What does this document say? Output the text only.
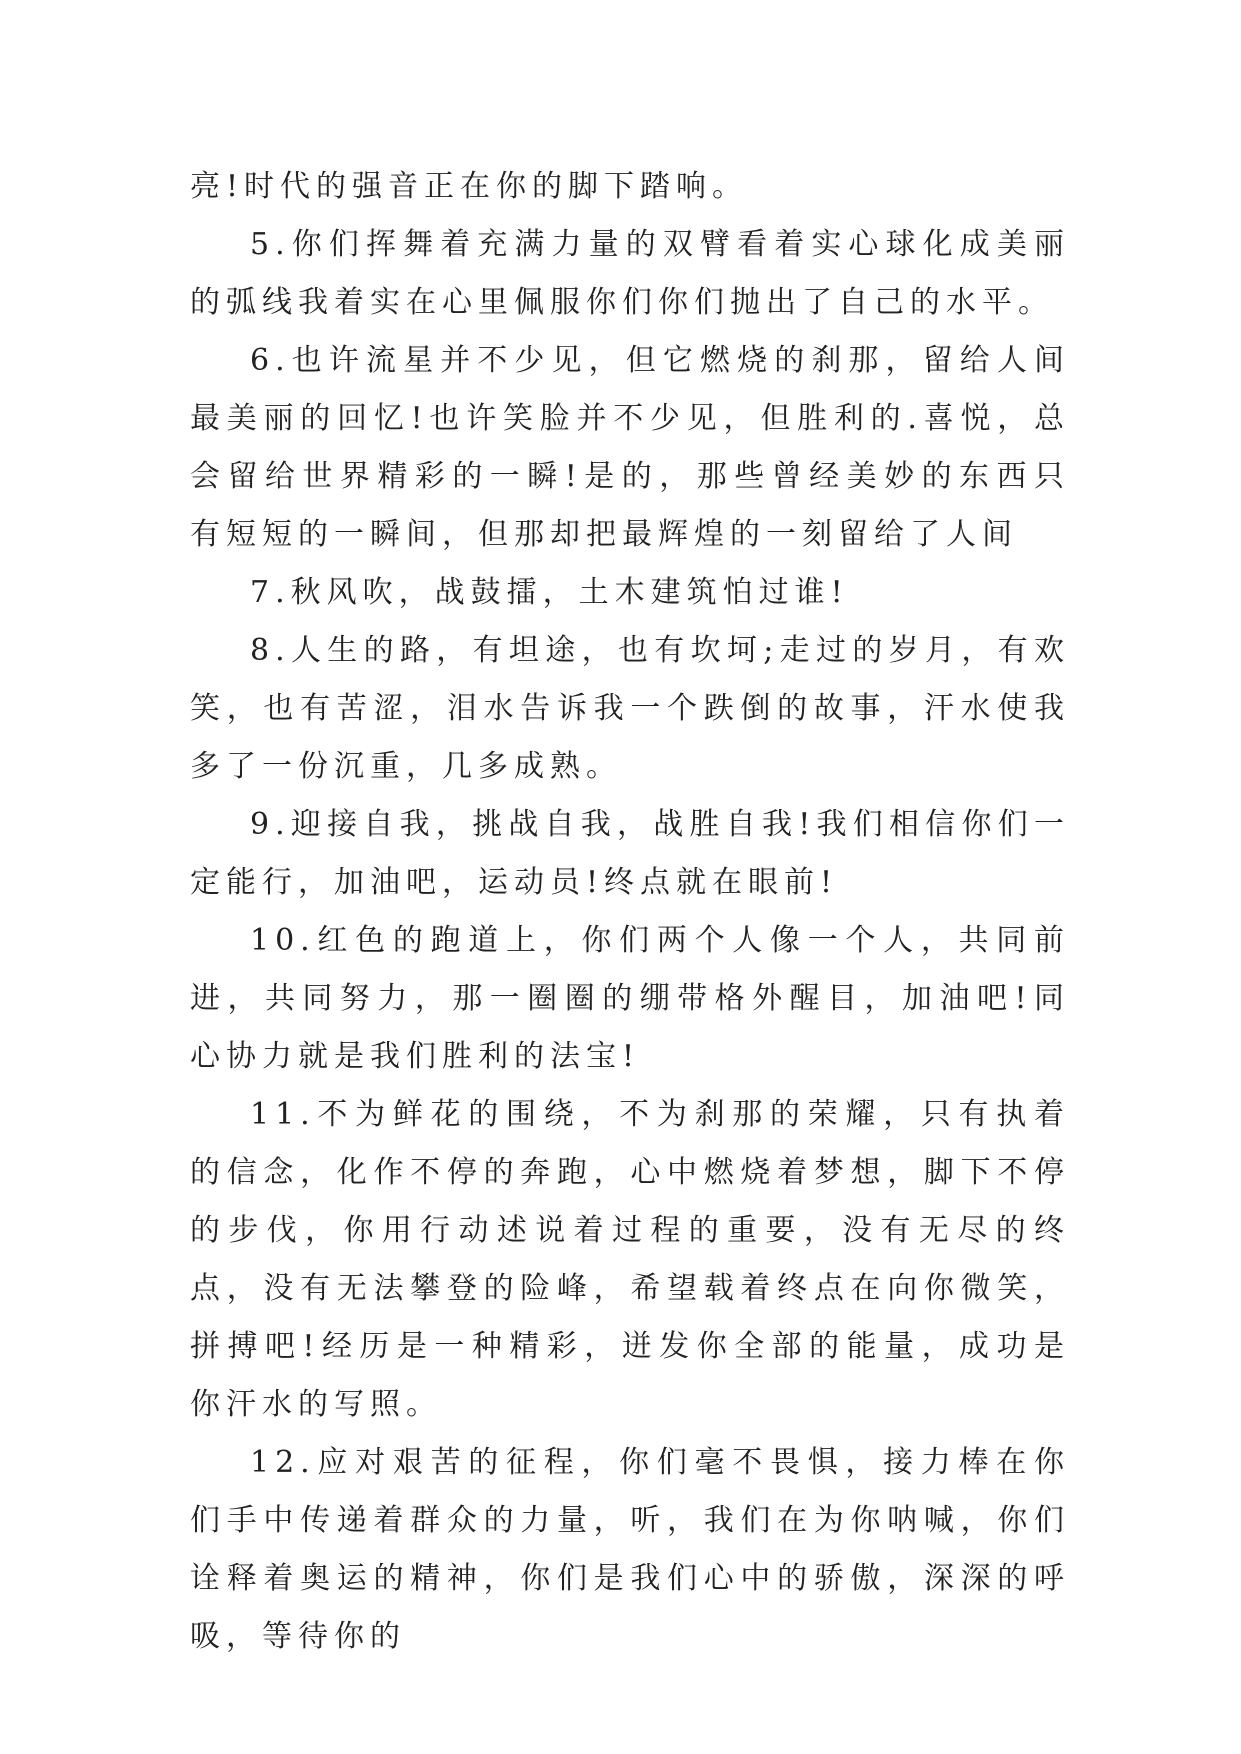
亮!时代的强音正在你的脚下踏响。

5.你们挥舞着充满力量的双臂看着实心球化成美丽的弧线我着实在心里佩服你们你们抛出了自己的水平。

6.也许流星并不少见，但它燃烧的刹那，留给人间最美丽的回忆!也许笑脸并不少见，但胜利的.喜悦，总会留给世界精彩的一瞬!是的，那些曾经美妙的东西只有短短的一瞬间，但那却把最辉煌的一刻留给了人间

7.秋风吹，战鼓擂，土木建筑怕过谁!

8.人生的路，有坦途，也有坎坷;走过的岁月，有欢笑，也有苦涩，泪水告诉我一个跌倒的故事，汗水使我多了一份沉重，几多成熟。

9.迎接自我，挑战自我，战胜自我!我们相信你们一定能行，加油吧，运动员!终点就在眼前!

10.红色的跑道上，你们两个人像一个人，共同前进，共同努力，那一圈圈的绷带格外醒目，加油吧!同心协力就是我们胜利的法宝!

11.不为鲜花的围绕，不为刹那的荣耀，只有执着的信念，化作不停的奔跑，心中燃烧着梦想，脚下不停的步伐，你用行动述说着过程的重要，没有无尽的终点，没有无法攀登的险峰，希望载着终点在向你微笑，拼搏吧!经历是一种精彩，迸发你全部的能量，成功是你汗水的写照。

12.应对艰苦的征程，你们毫不畏惧，接力棒在你们手中传递着群众的力量，听，我们在为你呐喊，你们诠释着奥运的精神，你们是我们心中的骄傲，深深的呼吸，等待你的
